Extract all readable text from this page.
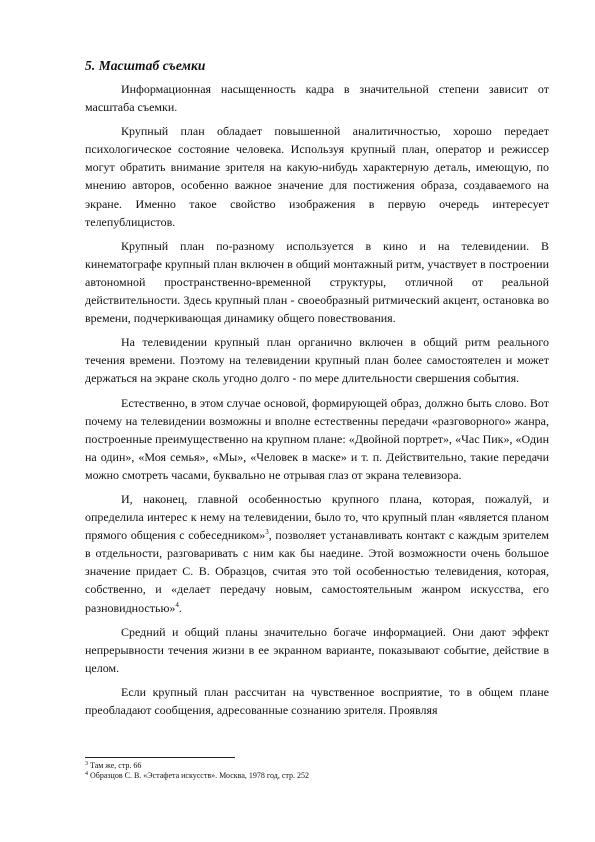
5. Масштаб съемки

Информационная насыщенность кадра в значительной степени зависит от масштаба съемки.

Крупный план обладает повышенной аналитичностью, хорошо передает психологическое состояние человека. Используя крупный план, оператор и режиссер могут обратить внимание зрителя на какую-нибудь характерную деталь, имеющую, по мнению авторов, особенно важное значение для постижения образа, создаваемого на экране. Именно такое свойство изображения в первую очередь интересует телепублицистов.

Крупный план по-разному используется в кино и на телевидении. В кинематографе крупный план включен в общий монтажный ритм, участвует в построении автономной пространственно-временной структуры, отличной от реальной действительности. Здесь крупный план - своеобразный ритмический акцент, остановка во времени, подчеркивающая динамику общего повествования.

На телевидении крупный план органично включен в общий ритм реального течения времени. Поэтому на телевидении крупный план более самостоятелен и может держаться на экране сколь угодно долго - по мере длительности свершения события.

Естественно, в этом случае основой, формирующей образ, должно быть слово. Вот почему на телевидении возможны и вполне естественны передачи «разговорного» жанра, построенные преимущественно на крупном плане: «Двойной портрет», «Час Пик», «Один на один», «Моя семья», «Мы», «Человек в маске» и т. п. Действительно, такие передачи можно смотреть часами, буквально не отрывая глаз от экрана телевизора.

И, наконец, главной особенностью крупного плана, которая, пожалуй, и определила интерес к нему на телевидении, было то, что крупный план «является планом прямого общения с собеседником»$^3$, позволяет устанавливать контакт с каждым зрителем в отдельности, разговаривать с ним как бы наедине. Этой возможности очень большое значение придает С. В. Образцов, считая это той особенностью телевидения, которая, собственно, и «делает передачу новым, самостоятельным жанром искусства, его разновидностью»$^4$.

Средний и общий планы значительно богаче информацией. Они дают эффект непрерывности течения жизни в ее экранном варианте, показывают событие, действие в целом.

Если крупный план рассчитан на чувственное восприятие, то в общем плане преобладают сообщения, адресованные сознанию зрителя. Проявляя

$^3$ Там же, стр. 66

$^4$ Образцов С. В. «Эстафета искусств». Москва, 1978 год, стр. 252
